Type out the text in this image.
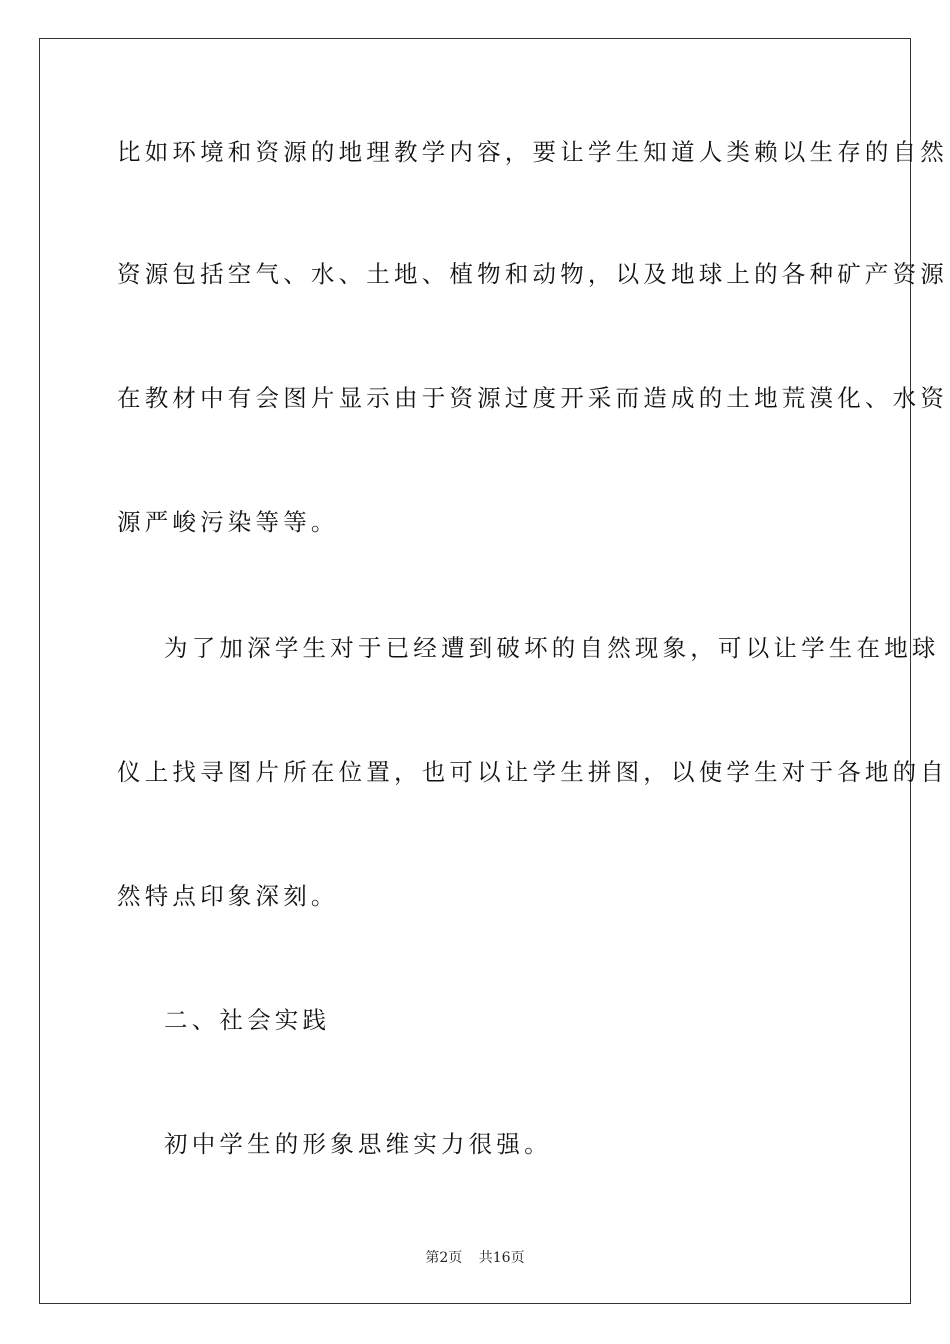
比如环境和资源的地理教学内容，要让学生知道人类赖以生存的自然
资源包括空气、水、土地、植物和动物，以及地球上的各种矿产资源
在教材中有会图片显示由于资源过度开采而造成的土地荒漠化、水资
源严峻污染等等。
为了加深学生对于已经遭到破坏的自然现象，可以让学生在地球
仪上找寻图片所在位置，也可以让学生拼图，以使学生对于各地的自
然特点印象深刻。
二、社会实践
初中学生的形象思维实力很强。
第2页 共16页
